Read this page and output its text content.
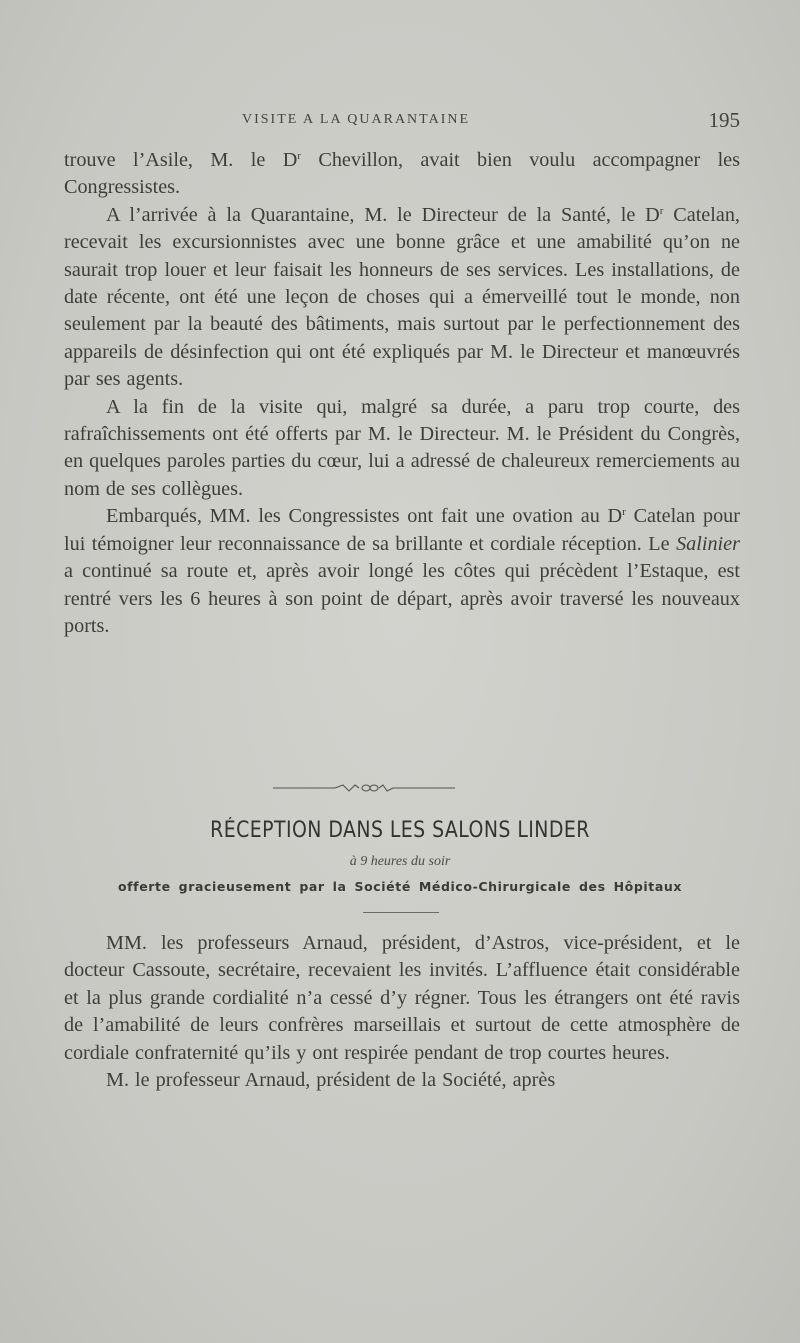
VISITE A LA QUARANTAINE	195

trouve l’Asile, M. le $D^r$ Chevillon, avait bien voulu accompagner les Congressistes.

A l’arrivée à la Quarantaine, M. le Directeur de la Santé, le $D^r$ Catelan, recevait les excursionnistes avec une bonne grâce et une amabilité qu’on ne saurait trop louer et leur faisait les honneurs de ses services. Les installations, de date récente, ont été une leçon de choses qui a émerveillé tout le monde, non seulement par la beauté des bâtiments, mais surtout par le perfectionnement des appareils de désinfection qui ont été expliqués par M. le Directeur et manœuvrés par ses agents.

A la fin de la visite qui, malgré sa durée, a paru trop courte, des rafraîchissements ont été offerts par M. le Directeur. M. le Président du Congrès, en quelques paroles parties du cœur, lui a adressé de chaleureux remerciements au nom de ses collègues.

Embarqués, MM. les Congressistes ont fait une ovation au $D^r$ Catelan pour lui témoigner leur reconnaissance de sa brillante et cordiale réception. Le Salinier a continué sa route et, après avoir longé les côtes qui précèdent l’Estaque, est rentré vers les 6 heures à son point de départ, après avoir traversé les nouveaux ports.

RÉCEPTION DANS LES SALONS LINDER
à 9 heures du soir
offerte gracieusement par la Société Médico-Chirurgicale des Hôpitaux

MM. les professeurs Arnaud, président, d’Astros, vice-président, et le docteur Cassoute, secrétaire, recevaient les invités. L’affluence était considérable et la plus grande cordialité n’a cessé d’y régner. Tous les étrangers ont été ravis de l’amabilité de leurs confrères marseillais et surtout de cette atmosphère de cordiale confraternité qu’ils y ont respirée pendant de trop courtes heures.

M. le professeur Arnaud, président de la Société, après
